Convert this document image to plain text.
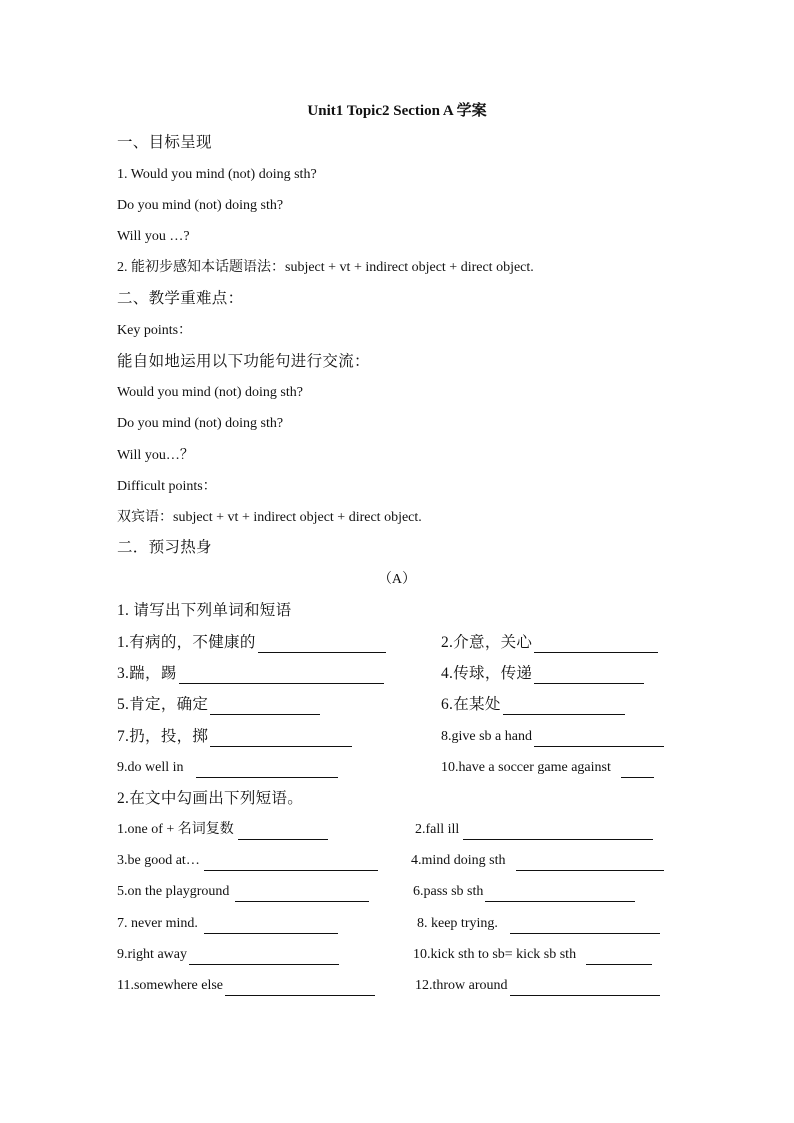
Unit1 Topic2 Section A 学案
一、目标呈现
1. Would you mind (not) doing sth?
Do you mind (not) doing sth?
Will you …?
2. 能初步感知本话题语法：subject + vt + indirect object + direct object.
二、教学重难点：
Key points：
能自如地运用以下功能句进行交流：
Would you mind (not) doing sth?
Do you mind (not) doing sth?
Will you…？
Difficult points：
双宾语：subject + vt + indirect object + direct object.
二．预习热身
（A）
1. 请写出下列单词和短语
1.有病的，不健康的	2.介意，关心
3.踹，踢	4.传球，传递
5.肯定，确定	6.在某处
7.扔，投，掷	8.give sb a hand
9.do well in	10.have a soccer game against
2.在文中勾画出下列短语。
1.one of + 名词复数	2.fall ill
3.be good at…	4.mind doing sth
5.on the playground	6.pass sb sth
7. never mind.	8. keep trying.
9.right away	10.kick sth to sb= kick sb sth
11.somewhere else	12.throw around
